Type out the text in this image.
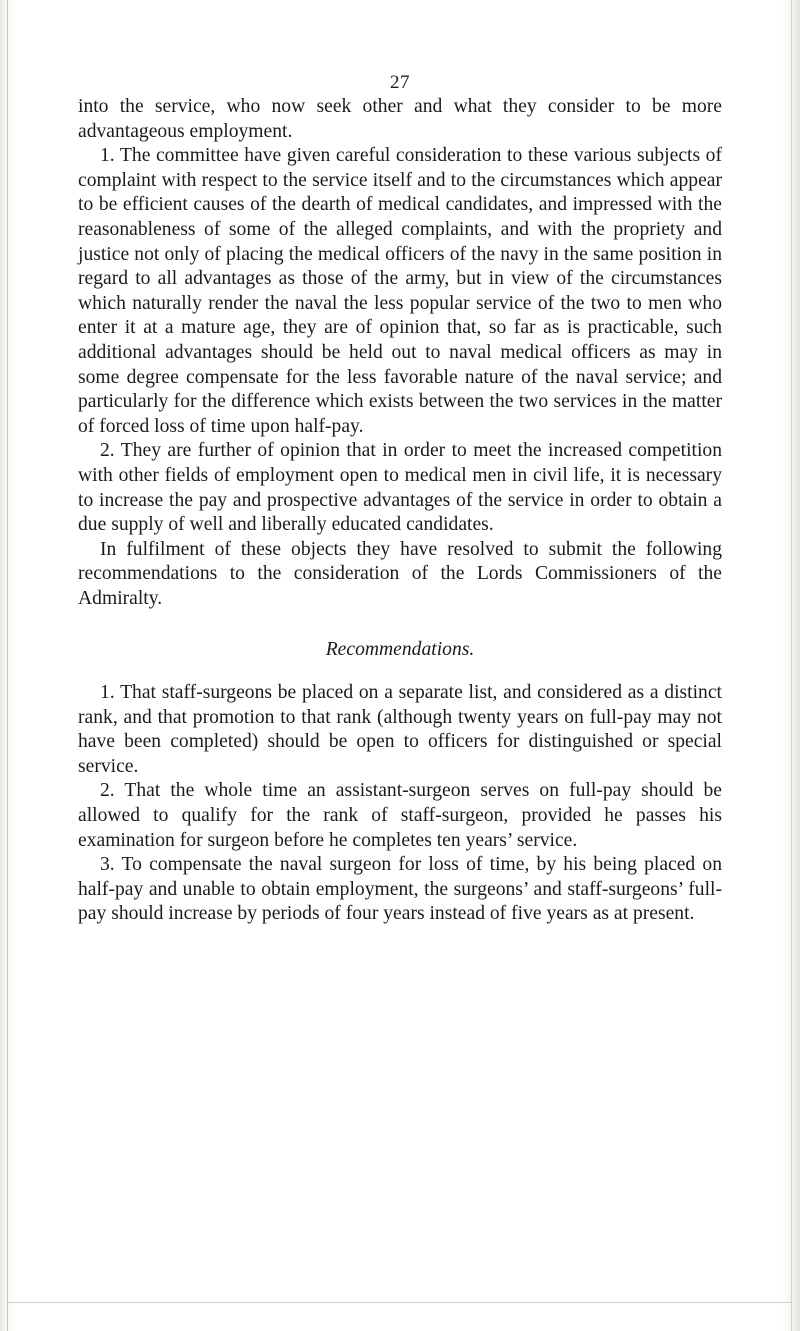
27

into the service, who now seek other and what they consider to be more advantageous employment.

1. The committee have given careful consideration to these various subjects of complaint with respect to the service itself and to the circumstances which appear to be efficient causes of the dearth of medical candidates, and impressed with the reasonableness of some of the alleged complaints, and with the propriety and justice not only of placing the medical officers of the navy in the same position in regard to all advantages as those of the army, but in view of the circumstances which naturally render the naval the less popular service of the two to men who enter it at a mature age, they are of opinion that, so far as is practicable, such additional advantages should be held out to naval medical officers as may in some degree compensate for the less favorable nature of the naval service; and particularly for the difference which exists between the two services in the matter of forced loss of time upon half-pay.

2. They are further of opinion that in order to meet the increased competition with other fields of employment open to medical men in civil life, it is necessary to increase the pay and prospective advantages of the service in order to obtain a due supply of well and liberally educated candidates.

In fulfilment of these objects they have resolved to submit the following recommendations to the consideration of the Lords Commissioners of the Admiralty.

Recommendations.

1. That staff-surgeons be placed on a separate list, and considered as a distinct rank, and that promotion to that rank (although twenty years on full-pay may not have been completed) should be open to officers for distinguished or special service.

2. That the whole time an assistant-surgeon serves on full-pay should be allowed to qualify for the rank of staff-surgeon, provided he passes his examination for surgeon before he completes ten years’ service.

3. To compensate the naval surgeon for loss of time, by his being placed on half-pay and unable to obtain employment, the surgeons’ and staff-surgeons’ full-pay should increase by periods of four years instead of five years as at present.
